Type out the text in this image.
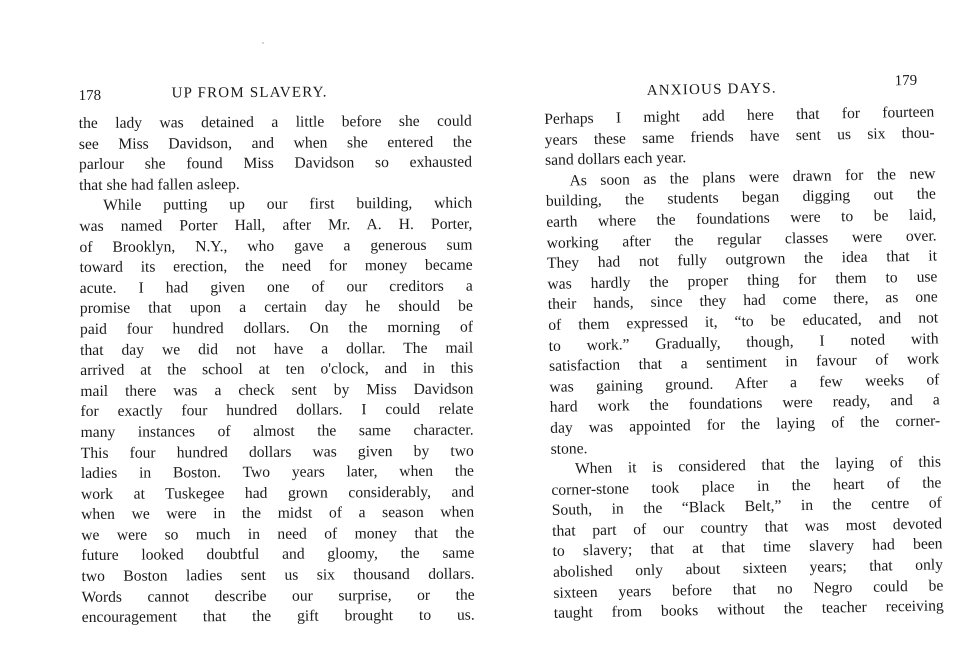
178	UP FROM SLAVERY.
the lady was detained a little before she could
see Miss Davidson, and when she entered the
parlour she found Miss Davidson so exhausted
that she had fallen asleep.
While putting up our first building, which
was named Porter Hall, after Mr. A. H. Porter,
of Brooklyn, N.Y., who gave a generous sum
toward its erection, the need for money became
acute. I had given one of our creditors a
promise that upon a certain day he should be
paid four hundred dollars. On the morning of
that day we did not have a dollar. The mail
arrived at the school at ten o'clock, and in this
mail there was a check sent by Miss Davidson
for exactly four hundred dollars. I could relate
many instances of almost the same character.
This four hundred dollars was given by two
ladies in Boston. Two years later, when the
work at Tuskegee had grown considerably, and
when we were in the midst of a season when
we were so much in need of money that the
future looked doubtful and gloomy, the same
two Boston ladies sent us six thousand dollars.
Words cannot describe our surprise, or the
encouragement that the gift brought to us.
ANXIOUS DAYS.	179
Perhaps I might add here that for fourteen
years these same friends have sent us six thou-
sand dollars each year.
As soon as the plans were drawn for the new
building, the students began digging out the
earth where the foundations were to be laid,
working after the regular classes were over.
They had not fully outgrown the idea that it
was hardly the proper thing for them to use
their hands, since they had come there, as one
of them expressed it, “to be educated, and not
to work.” Gradually, though, I noted with
satisfaction that a sentiment in favour of work
was gaining ground. After a few weeks of
hard work the foundations were ready, and a
day was appointed for the laying of the corner-
stone.
When it is considered that the laying of this
corner-stone took place in the heart of the
South, in the “Black Belt,” in the centre of
that part of our country that was most devoted
to slavery; that at that time slavery had been
abolished only about sixteen years; that only
sixteen years before that no Negro could be
taught from books without the teacher receiving
